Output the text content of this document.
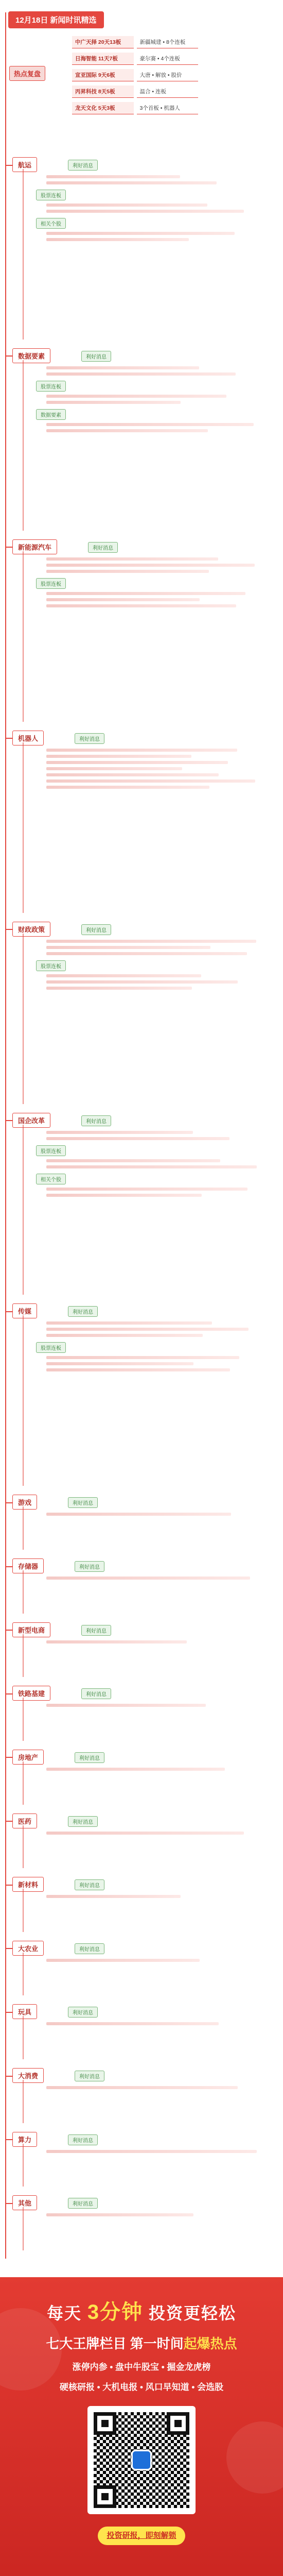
12月18日 新闻时讯精选
热点复盘
中广天择 20天13板	新疆城建 • 8个连板
日海智能 11天7板	豪尔赛 • 4个连板
宣亚国际 9天6板	大唐 • 解放 • 股价
丙昇科技 8天5板	温合 • 连板
龙天文化 5天3板	3个首板 • 机器人
航运	利好消息
股票连板
相关个股
数据要素	利好消息
股票连板
数据要素
新能源汽车	利好消息
股票连板
机器人	利好消息
财政政策	利好消息
股票连板
国企改革	利好消息
股票连板
相关个股
传媒	利好消息
股票连板
游戏	利好消息
存储器	利好消息
新型电商	利好消息
铁路基建	利好消息
房地产	利好消息
医药	利好消息
新材料	利好消息
大农业	利好消息
玩具	利好消息
大消费	利好消息
算力	利好消息
其他	利好消息
每天 3分钟 投资更轻松
七大王牌栏目 第一时间起爆热点
涨停内参 • 盘中牛股宝 • 掘金龙虎榜
硬核研报 • 大机电报 • 风口早知道 • 会选股
投资研报，即刻解锁
